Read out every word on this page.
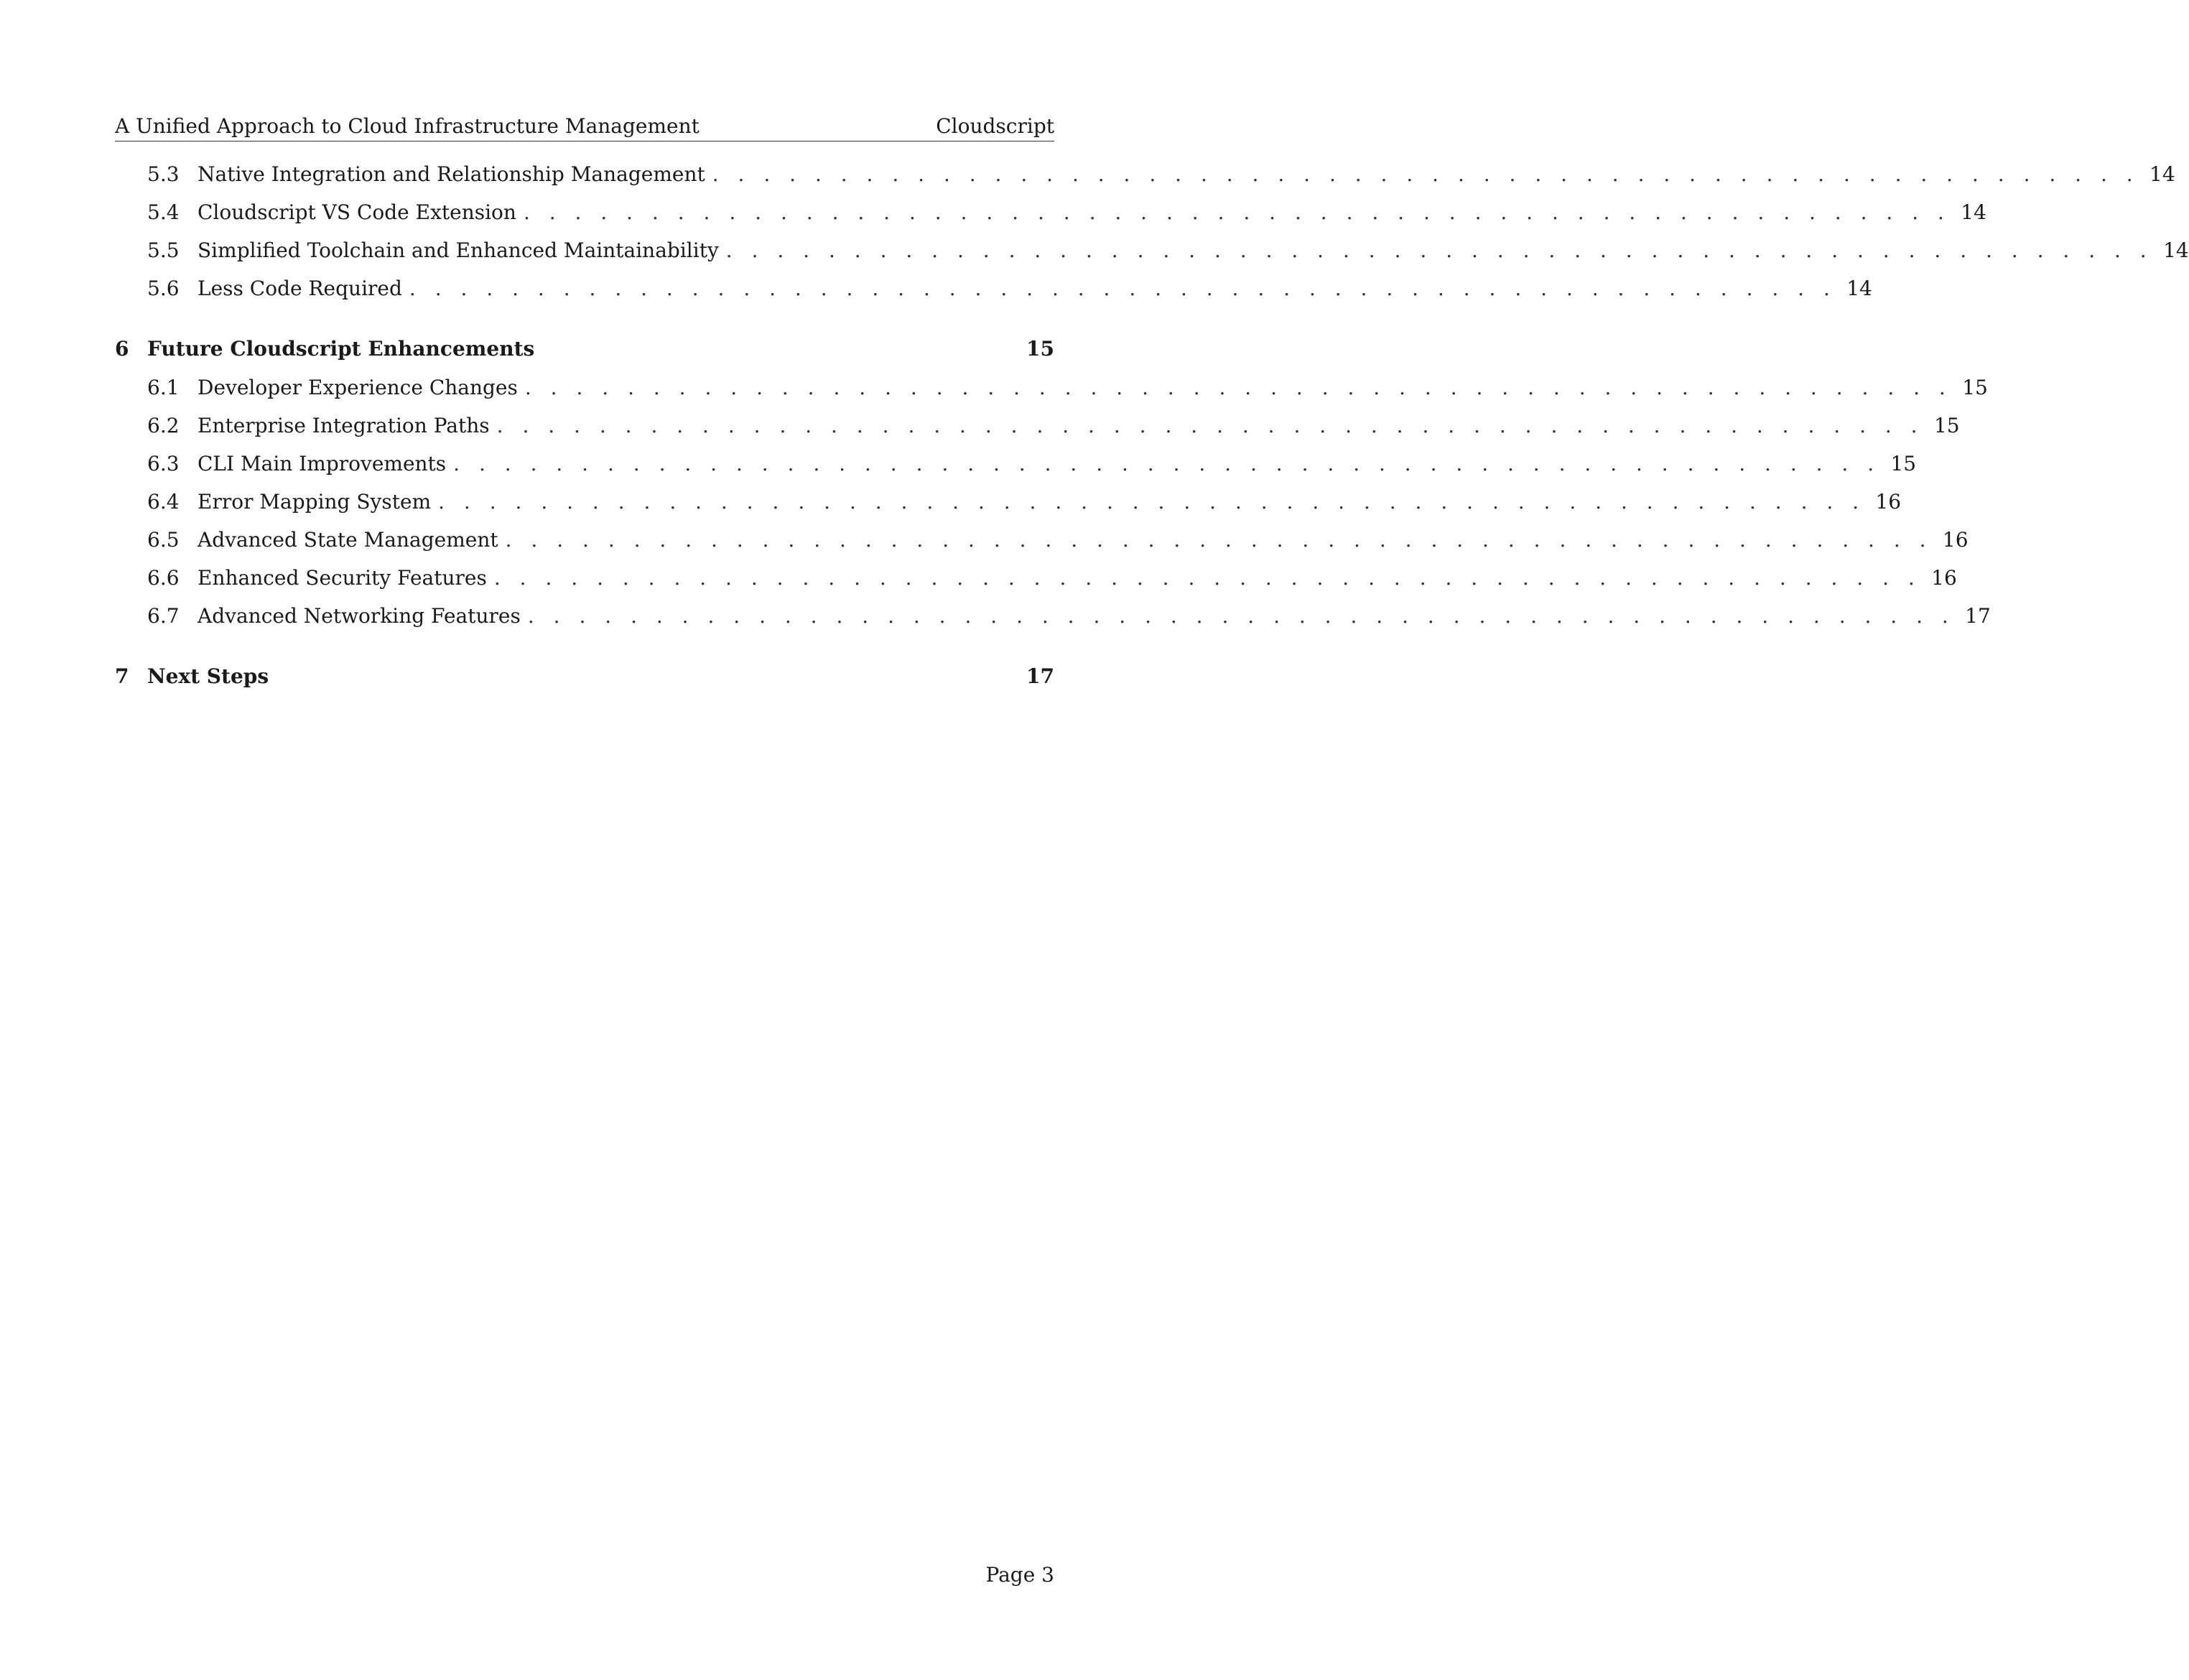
A Unified Approach to Cloud Infrastructure Management	Cloudscript
5.3 Native Integration and Relationship Management . . . . . . . . . . . . . . . . . . . . . . . . . . . . . . . . . . . . . . . . . . . . . . . . . . . . . . . . 14
5.4 Cloudscript VS Code Extension . . . . . . . . . . . . . . . . . . . . . . . . . . . . . . . . . . . . . . . . . . . . . . . . . . . . . . . . 14
5.5 Simplified Toolchain and Enhanced Maintainability . . . . . . . . . . . . . . . . . . . . . . . . . . . . . . . . . . . . . . . . . . . . . . . . . . . . . . . . 14
5.6 Less Code Required . . . . . . . . . . . . . . . . . . . . . . . . . . . . . . . . . . . . . . . . . . . . . . . . . . . . . . . . 14
6 Future Cloudscript Enhancements	15
6.1 Developer Experience Changes . . . . . . . . . . . . . . . . . . . . . . . . . . . . . . . . . . . . . . . . . . . . . . . . . . . . . . . . 15
6.2 Enterprise Integration Paths . . . . . . . . . . . . . . . . . . . . . . . . . . . . . . . . . . . . . . . . . . . . . . . . . . . . . . . . 15
6.3 CLI Main Improvements . . . . . . . . . . . . . . . . . . . . . . . . . . . . . . . . . . . . . . . . . . . . . . . . . . . . . . . . 15
6.4 Error Mapping System . . . . . . . . . . . . . . . . . . . . . . . . . . . . . . . . . . . . . . . . . . . . . . . . . . . . . . . . 16
6.5 Advanced State Management . . . . . . . . . . . . . . . . . . . . . . . . . . . . . . . . . . . . . . . . . . . . . . . . . . . . . . . . 16
6.6 Enhanced Security Features . . . . . . . . . . . . . . . . . . . . . . . . . . . . . . . . . . . . . . . . . . . . . . . . . . . . . . . . 16
6.7 Advanced Networking Features . . . . . . . . . . . . . . . . . . . . . . . . . . . . . . . . . . . . . . . . . . . . . . . . . . . . . . . . 17
7 Next Steps	17
Page 3
